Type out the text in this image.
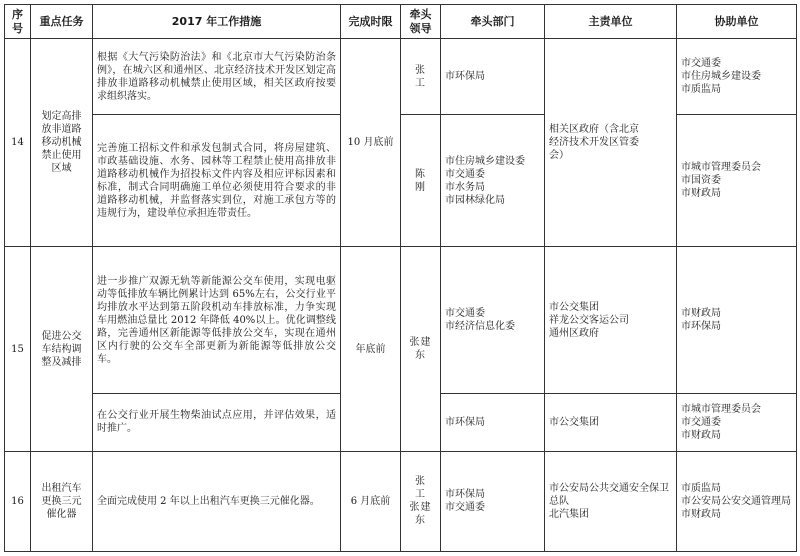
序
号	重点任务	2017 年工作措施	完成时限	牵头
领导	牵头部门	主责单位	协助单位
14	划定高排
放非道路
移动机械
禁止使用
区域	根据《大气污染防治法》和《北京市大气污染防治条例》，在城六区和通州区、北京经济技术开发区划定高排放非道路移动机械禁止使用区域，相关区政府按要求组织落实。	10 月底前	张　工	市环保局	相关区政府（含北京
经济技术开发区管委
会）	市交通委
市住房城乡建设委
市质监局
		完善施工招标文件和承发包制式合同，将房屋建筑、市政基础设施、水务、园林等工程禁止使用高排放非道路移动机械作为招投标文件内容及相应评标因素和标准，制式合同明确施工单位必须使用符合要求的非道路移动机械，并监督落实到位，对施工承包方等的违规行为，建设单位承担连带责任。		陈　刚	市住房城乡建设委
市交通委
市水务局
市园林绿化局		市城市管理委员会
市国资委
市财政局
15	促进公交
车结构调
整及减排	进一步推广双源无轨等新能源公交车使用，实现电驱动等低排放车辆比例累计达到 65%左右，公交行业平均排放水平达到第五阶段机动车排放标准，力争实现车用燃油总量比 2012 年降低 40%以上。优化调整线路，完善通州区新能源等低排放公交车，实现在通州区内行驶的公交车全部更新为新能源等低排放公交车。	年底前	张建东	市交通委
市经济信息化委	市公交集团
祥龙公交客运公司
通州区政府	市财政局
市环保局
		在公交行业开展生物柴油试点应用，并评估效果，适时推广。			市环保局	市公交集团	市城市管理委员会
市交通委
市财政局
16	出租汽车
更换三元
催化器	全面完成使用 2 年以上出租汽车更换三元催化器。	6 月底前	张　工
张建东	市环保局
市交通委	市公安局公共交通安全保卫总队
北汽集团	市质监局
市公安局公安交通管理局
市财政局
